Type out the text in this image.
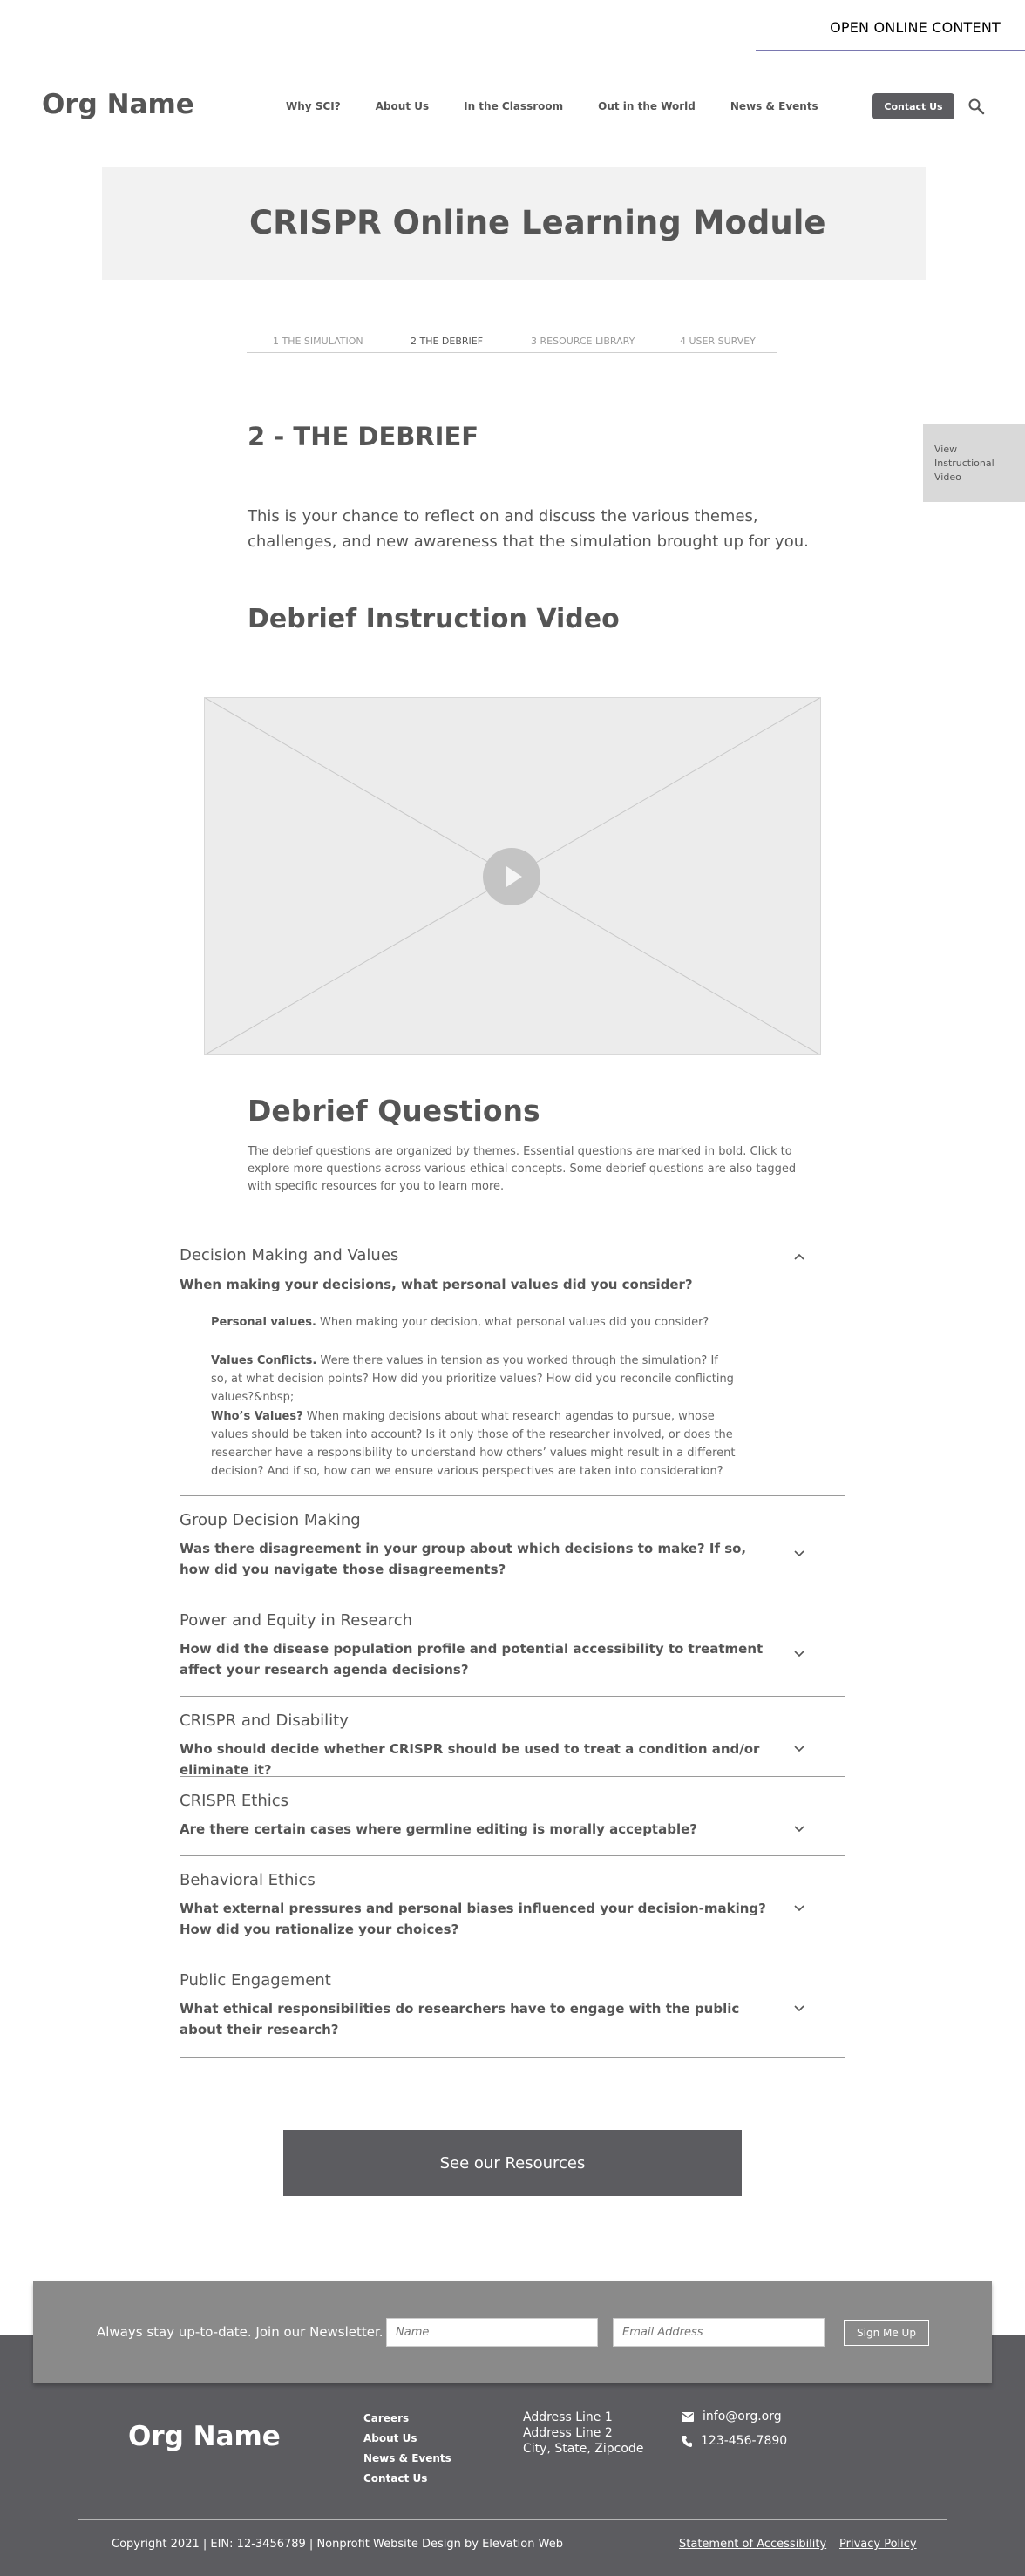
OPEN ONLINE CONTENT
Org Name	Why SCI?	About Us	In the Classroom	Out in the World	News & Events	Contact Us
CRISPR Online Learning Module
1 THE SIMULATION	2 THE DEBRIEF	3 RESOURCE LIBRARY	4 USER SURVEY
View Instructional Video
2 - THE DEBRIEF
This is your chance to reflect on and discuss the various themes, challenges, and new awareness that the simulation brought up for you.
Debrief Instruction Video
Debrief Questions
The debrief questions are organized by themes. Essential questions are marked in bold. Click to explore more questions across various ethical concepts. Some debrief questions are also tagged with specific resources for you to learn more.
Decision Making and Values
When making your decisions, what personal values did you consider?
Personal values. When making your decision, what personal values did you consider?
Values Conflicts. Were there values in tension as you worked through the simulation? If so, at what decision points? How did you prioritize values? How did you reconcile conflicting values?&nbsp;
Who’s Values? When making decisions about what research agendas to pursue, whose values should be taken into account? Is it only those of the researcher involved, or does the researcher have a responsibility to understand how others’ values might result in a different decision? And if so, how can we ensure various perspectives are taken into consideration?
Group Decision Making
Was there disagreement in your group about which decisions to make? If so, how did you navigate those disagreements?
Power and Equity in Research
How did the disease population profile and potential accessibility to treatment affect your research agenda decisions?
CRISPR and Disability
Who should decide whether CRISPR should be used to treat a condition and/or eliminate it?
CRISPR Ethics
Are there certain cases where germline editing is morally acceptable?
Behavioral Ethics
What external pressures and personal biases influenced your decision-making? How did you rationalize your choices?
Public Engagement
What ethical responsibilities do researchers have to engage with the public about their research?
See our Resources
Always stay up-to-date. Join our Newsletter.
Name
Email Address	Sign Me Up
Org Name
Careers
About Us
News & Events
Contact Us
Address Line 1
Address Line 2
City, State, Zipcode
info@org.org
123-456-7890
Copyright 2021 | EIN: 12-3456789 | Nonprofit Website Design by Elevation Web	Statement of Accessibility Privacy Policy
